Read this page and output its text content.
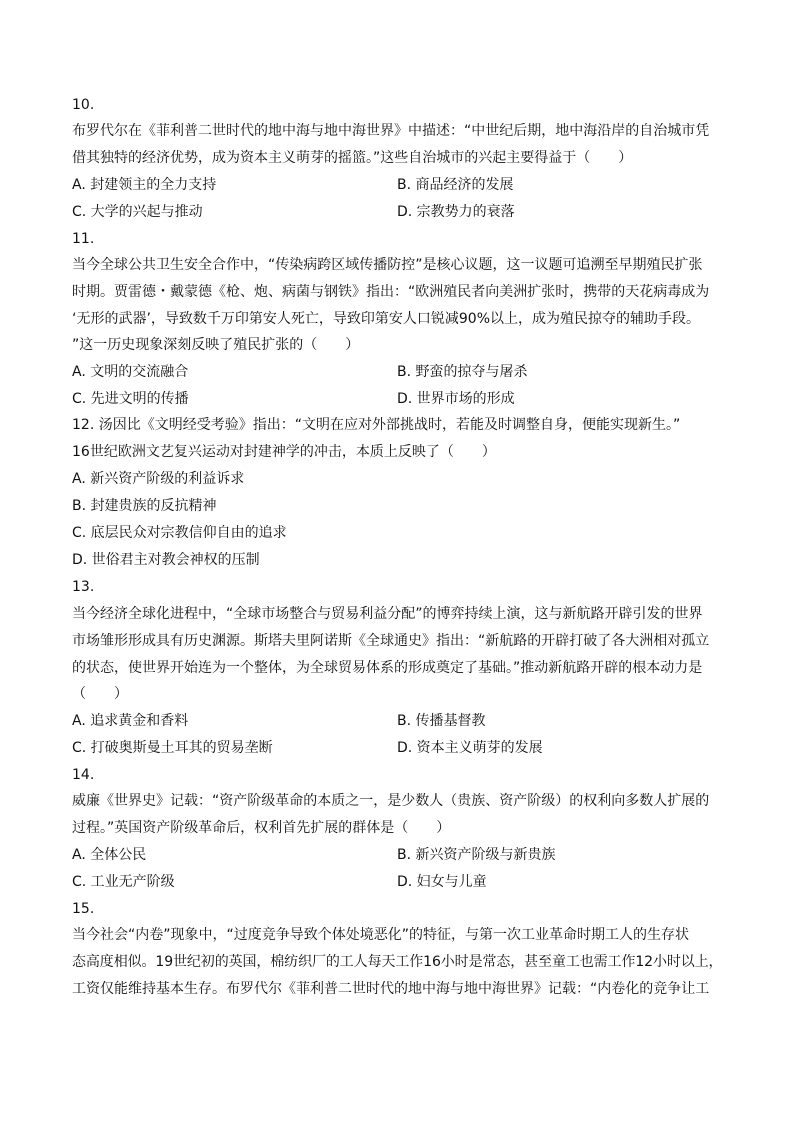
10.
布罗代尔在《菲利普二世时代的地中海与地中海世界》中描述：“中世纪后期，地中海沿岸的自治城市凭
借其独特的经济优势，成为资本主义萌芽的摇篮。”这些自治城市的兴起主要得益于（　　）
A. 封建领主的全力支持	B. 商品经济的发展
C. 大学的兴起与推动	D. 宗教势力的衰落
11.
当今全球公共卫生安全合作中，“传染病跨区域传播防控”是核心议题，这一议题可追溯至早期殖民扩张
时期。贾雷德・戴蒙德《枪、炮、病菌与钢铁》指出：“欧洲殖民者向美洲扩张时，携带的天花病毒成为
‘无形的武器’，导致数千万印第安人死亡，导致印第安人口锐减90%以上，成为殖民掠夺的辅助手段。
”这一历史现象深刻反映了殖民扩张的（　　）
A. 文明的交流融合	B. 野蛮的掠夺与屠杀
C. 先进文明的传播	D. 世界市场的形成
12. 汤因比《文明经受考验》指出：“文明在应对外部挑战时，若能及时调整自身，便能实现新生。”
16世纪欧洲文艺复兴运动对封建神学的冲击，本质上反映了（　　）
A. 新兴资产阶级的利益诉求
B. 封建贵族的反抗精神
C. 底层民众对宗教信仰自由的追求
D. 世俗君主对教会神权的压制
13.
当今经济全球化进程中，“全球市场整合与贸易利益分配”的博弈持续上演，这与新航路开辟引发的世界
市场雏形形成具有历史渊源。斯塔夫里阿诺斯《全球通史》指出：“新航路的开辟打破了各大洲相对孤立
的状态，使世界开始连为一个整体，为全球贸易体系的形成奠定了基础。”推动新航路开辟的根本动力是
（　　）
A. 追求黄金和香料	B. 传播基督教
C. 打破奥斯曼土耳其的贸易垄断	D. 资本主义萌芽的发展
14.
威廉《世界史》记载：“资产阶级革命的本质之一，是少数人（贵族、资产阶级）的权利向多数人扩展的
过程。”英国资产阶级革命后，权利首先扩展的群体是（　　）
A. 全体公民	B. 新兴资产阶级与新贵族
C. 工业无产阶级	D. 妇女与儿童
15.
当今社会“内卷”现象中，“过度竞争导致个体处境恶化”的特征，与第一次工业革命时期工人的生存状
态高度相似。19世纪初的英国，棉纺织厂的工人每天工作16小时是常态，甚至童工也需工作12小时以上，
工资仅能维持基本生存。布罗代尔《菲利普二世时代的地中海与地中海世界》记载：“内卷化的竞争让工
